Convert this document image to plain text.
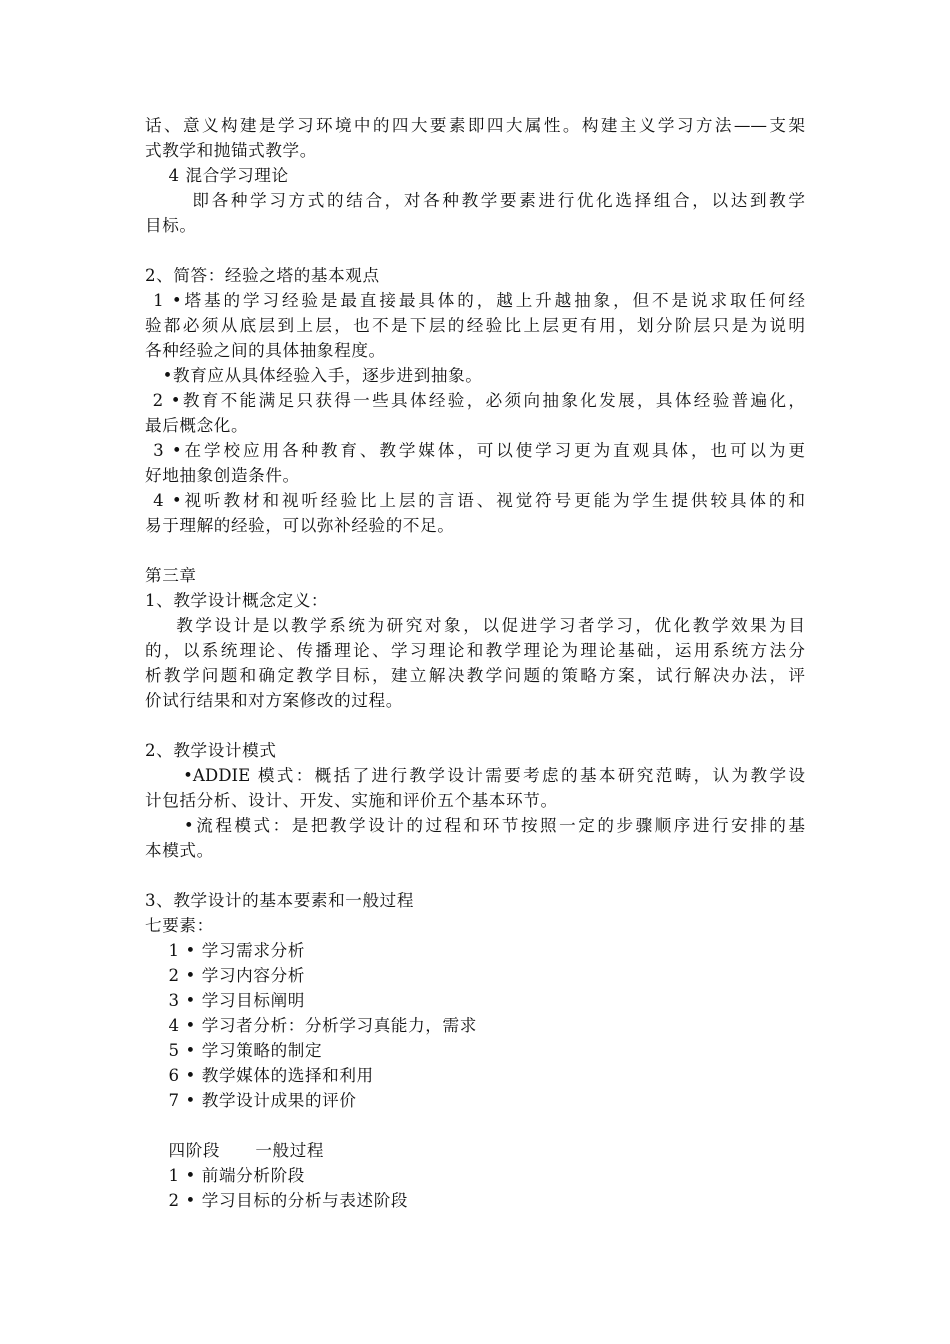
话、意义构建是学习环境中的四大要素即四大属性。构建主义学习方法——支架
式教学和抛锚式教学。
4 混合学习理论
即各种学习方式的结合，对各种教学要素进行优化选择组合，以达到教学
目标。
2、简答：经验之塔的基本观点
1 •塔基的学习经验是最直接最具体的，越上升越抽象，但不是说求取任何经
验都必须从底层到上层，也不是下层的经验比上层更有用，划分阶层只是为说明
各种经验之间的具体抽象程度。
•教育应从具体经验入手，逐步进到抽象。
2 •教育不能满足只获得一些具体经验，必须向抽象化发展，具体经验普遍化，
最后概念化。
3 •在学校应用各种教育、教学媒体，可以使学习更为直观具体，也可以为更
好地抽象创造条件。
4 •视听教材和视听经验比上层的言语、视觉符号更能为学生提供较具体的和
易于理解的经验，可以弥补经验的不足。
第三章
1、教学设计概念定义：
教学设计是以教学系统为研究对象，以促进学习者学习，优化教学效果为目
的，以系统理论、传播理论、学习理论和教学理论为理论基础，运用系统方法分
析教学问题和确定教学目标，建立解决教学问题的策略方案，试行解决办法，评
价试行结果和对方案修改的过程。
2、教学设计模式
•ADDIE 模式：概括了进行教学设计需要考虑的基本研究范畴，认为教学设
计包括分析、设计、开发、实施和评价五个基本环节。
•流程模式：是把教学设计的过程和环节按照一定的步骤顺序进行安排的基
本模式。
3、教学设计的基本要素和一般过程
七要素：
1 • 学习需求分析
2 • 学习内容分析
3 • 学习目标阐明
4 • 学习者分析：分析学习真能力，需求
5 • 学习策略的制定
6 • 教学媒体的选择和利用
7 • 教学设计成果的评价
四阶段      一般过程
1 • 前端分析阶段
2 • 学习目标的分析与表述阶段
